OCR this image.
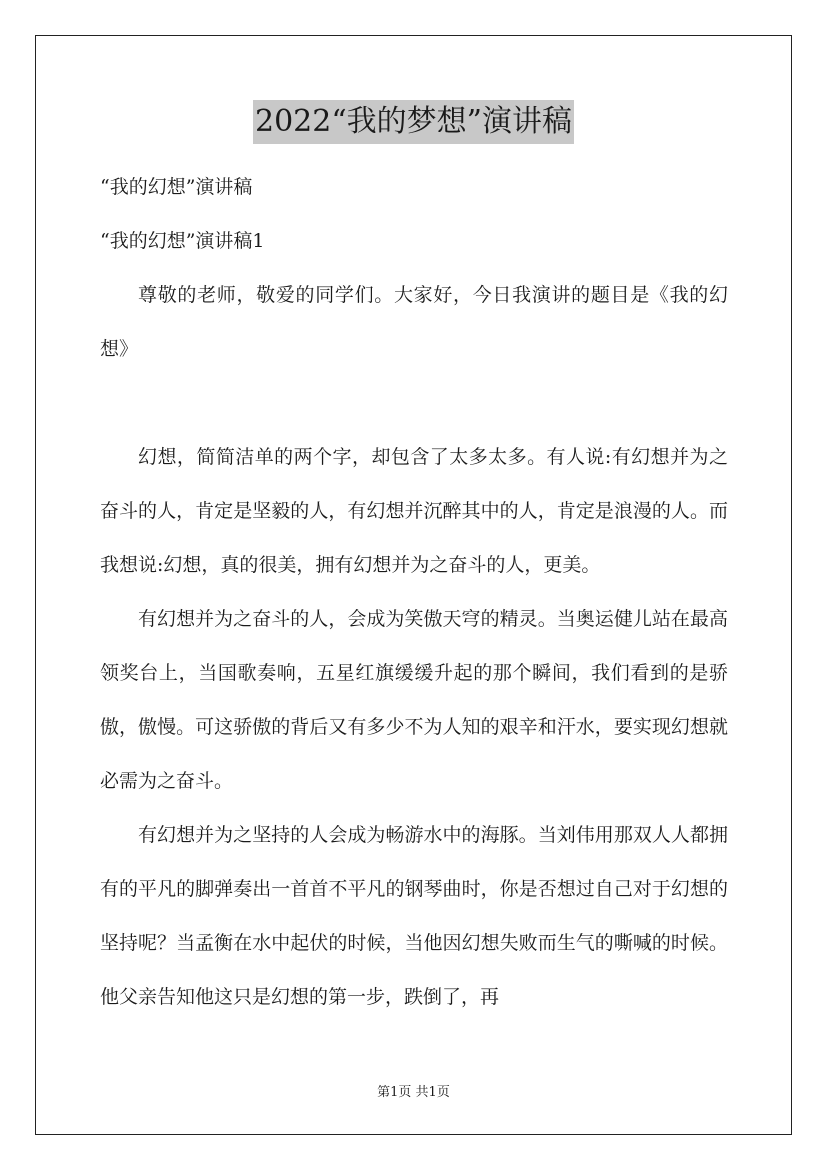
2022“我的梦想”演讲稿

“我的幻想”演讲稿

“我的幻想”演讲稿1

尊敬的老师，敬爱的同学们。大家好，今日我演讲的题目是《我的幻想》

幻想，简简洁单的两个字，却包含了太多太多。有人说:有幻想并为之奋斗的人，肯定是坚毅的人，有幻想并沉醉其中的人，肯定是浪漫的人。而我想说:幻想，真的很美，拥有幻想并为之奋斗的人，更美。

有幻想并为之奋斗的人，会成为笑傲天穹的精灵。当奥运健儿站在最高领奖台上，当国歌奏响，五星红旗缓缓升起的那个瞬间，我们看到的是骄傲，傲慢。可这骄傲的背后又有多少不为人知的艰辛和汗水，要实现幻想就必需为之奋斗。

有幻想并为之坚持的人会成为畅游水中的海豚。当刘伟用那双人人都拥有的平凡的脚弹奏出一首首不平凡的钢琴曲时，你是否想过自己对于幻想的坚持呢？当孟衡在水中起伏的时候，当他因幻想失败而生气的嘶喊的时候。他父亲告知他这只是幻想的第一步，跌倒了，再

第1页 共1页
